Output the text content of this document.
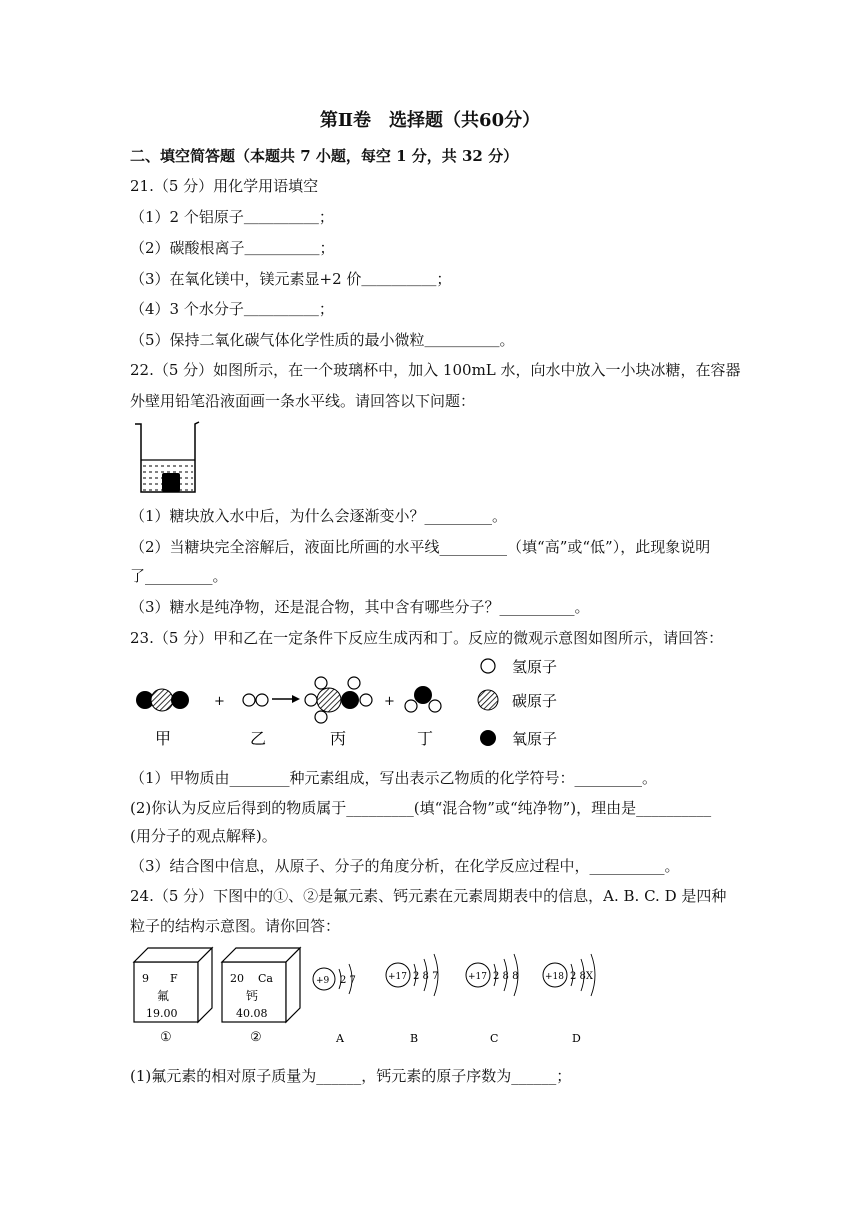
第Ⅱ卷　选择题（共60分）
二、填空简答题（本题共 7 小题，每空 1 分，共 32 分）
21.（5 分）用化学用语填空
（1）2 个铝原子＿＿＿＿＿；
（2）碳酸根离子＿＿＿＿＿；
（3）在氧化镁中，镁元素显+2 价＿＿＿＿＿；
（4）3 个水分子＿＿＿＿＿；
（5）保持二氧化碳气体化学性质的最小微粒＿＿＿＿＿。
22.（5 分）如图所示，在一个玻璃杯中，加入 100mL 水，向水中放入一小块冰糖，在容器
外壁用铅笔沿液面画一条水平线。请回答以下问题：
（1）糖块放入水中后，为什么会逐渐变小？_________。
（2）当糖块完全溶解后，液面比所画的水平线_________（填“高”或“低”），此现象说明
了_________。
（3）糖水是纯净物，还是混合物，其中含有哪些分子？__________。
23.（5 分）甲和乙在一定条件下反应生成丙和丁。反应的微观示意图如图所示，请回答：
+	+
甲	乙	丙	丁
氢原子
碳原子
氧原子
（1）甲物质由________种元素组成，写出表示乙物质的化学符号：_________。
(2)你认为反应后得到的物质属于_________(填“混合物”或“纯净物”)，理由是__________
(用分子的观点解释)。
（3）结合图中信息，从原子、分子的角度分析，在化学反应过程中，__________。
24.（5 分）下图中的①、②是氟元素、钙元素在元素周期表中的信息，A. B. C. D 是四种
粒子的结构示意图。请你回答：
9 F
氟
19.00
①
20 Ca
钙
40.08
②
+9 2 7
A
+17 2 8 7
B
+17 2 8 8
C
+18 2 8X
D
(1)氟元素的相对原子质量为______，钙元素的原子序数为______；
